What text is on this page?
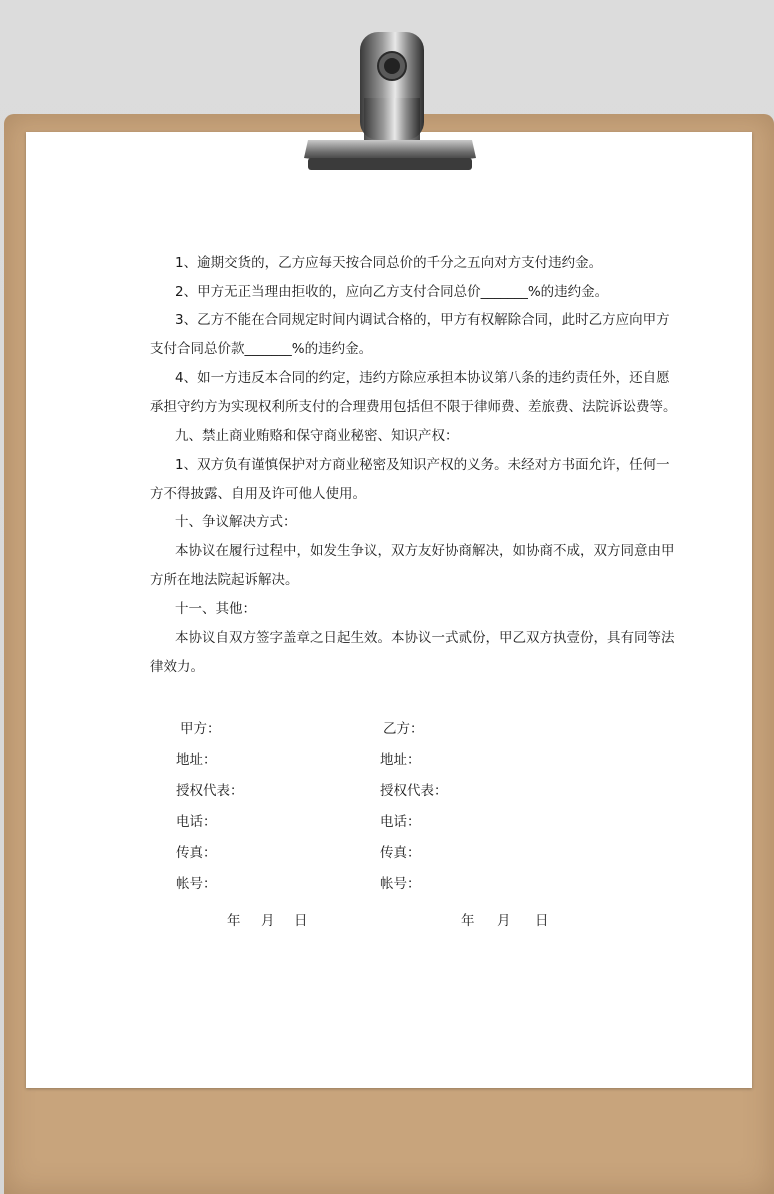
1、逾期交货的，乙方应每天按合同总价的千分之五向对方支付违约金。
2、甲方无正当理由拒收的，应向乙方支付合同总价_______%的违约金。
3、乙方不能在合同规定时间内调试合格的，甲方有权解除合同，此时乙方应向甲方
支付合同总价款_______%的违约金。
4、如一方违反本合同的约定，违约方除应承担本协议第八条的违约责任外，还自愿
承担守约方为实现权利所支付的合理费用包括但不限于律师费、差旅费、法院诉讼费等。
九、禁止商业贿赂和保守商业秘密、知识产权：
1、双方负有谨慎保护对方商业秘密及知识产权的义务。未经对方书面允许，任何一
方不得披露、自用及许可他人使用。
十、争议解决方式：
本协议在履行过程中，如发生争议，双方友好协商解决，如协商不成，双方同意由甲
方所在地法院起诉解决。
十一、其他：
本协议自双方签字盖章之日起生效。本协议一式贰份，甲乙双方执壹份，具有同等法
律效力。
甲方：
地址：
授权代表：
电话：
传真：
帐号：
年 月 日
乙方：
地址：
授权代表：
电话：
传真：
帐号：
年 月 日
